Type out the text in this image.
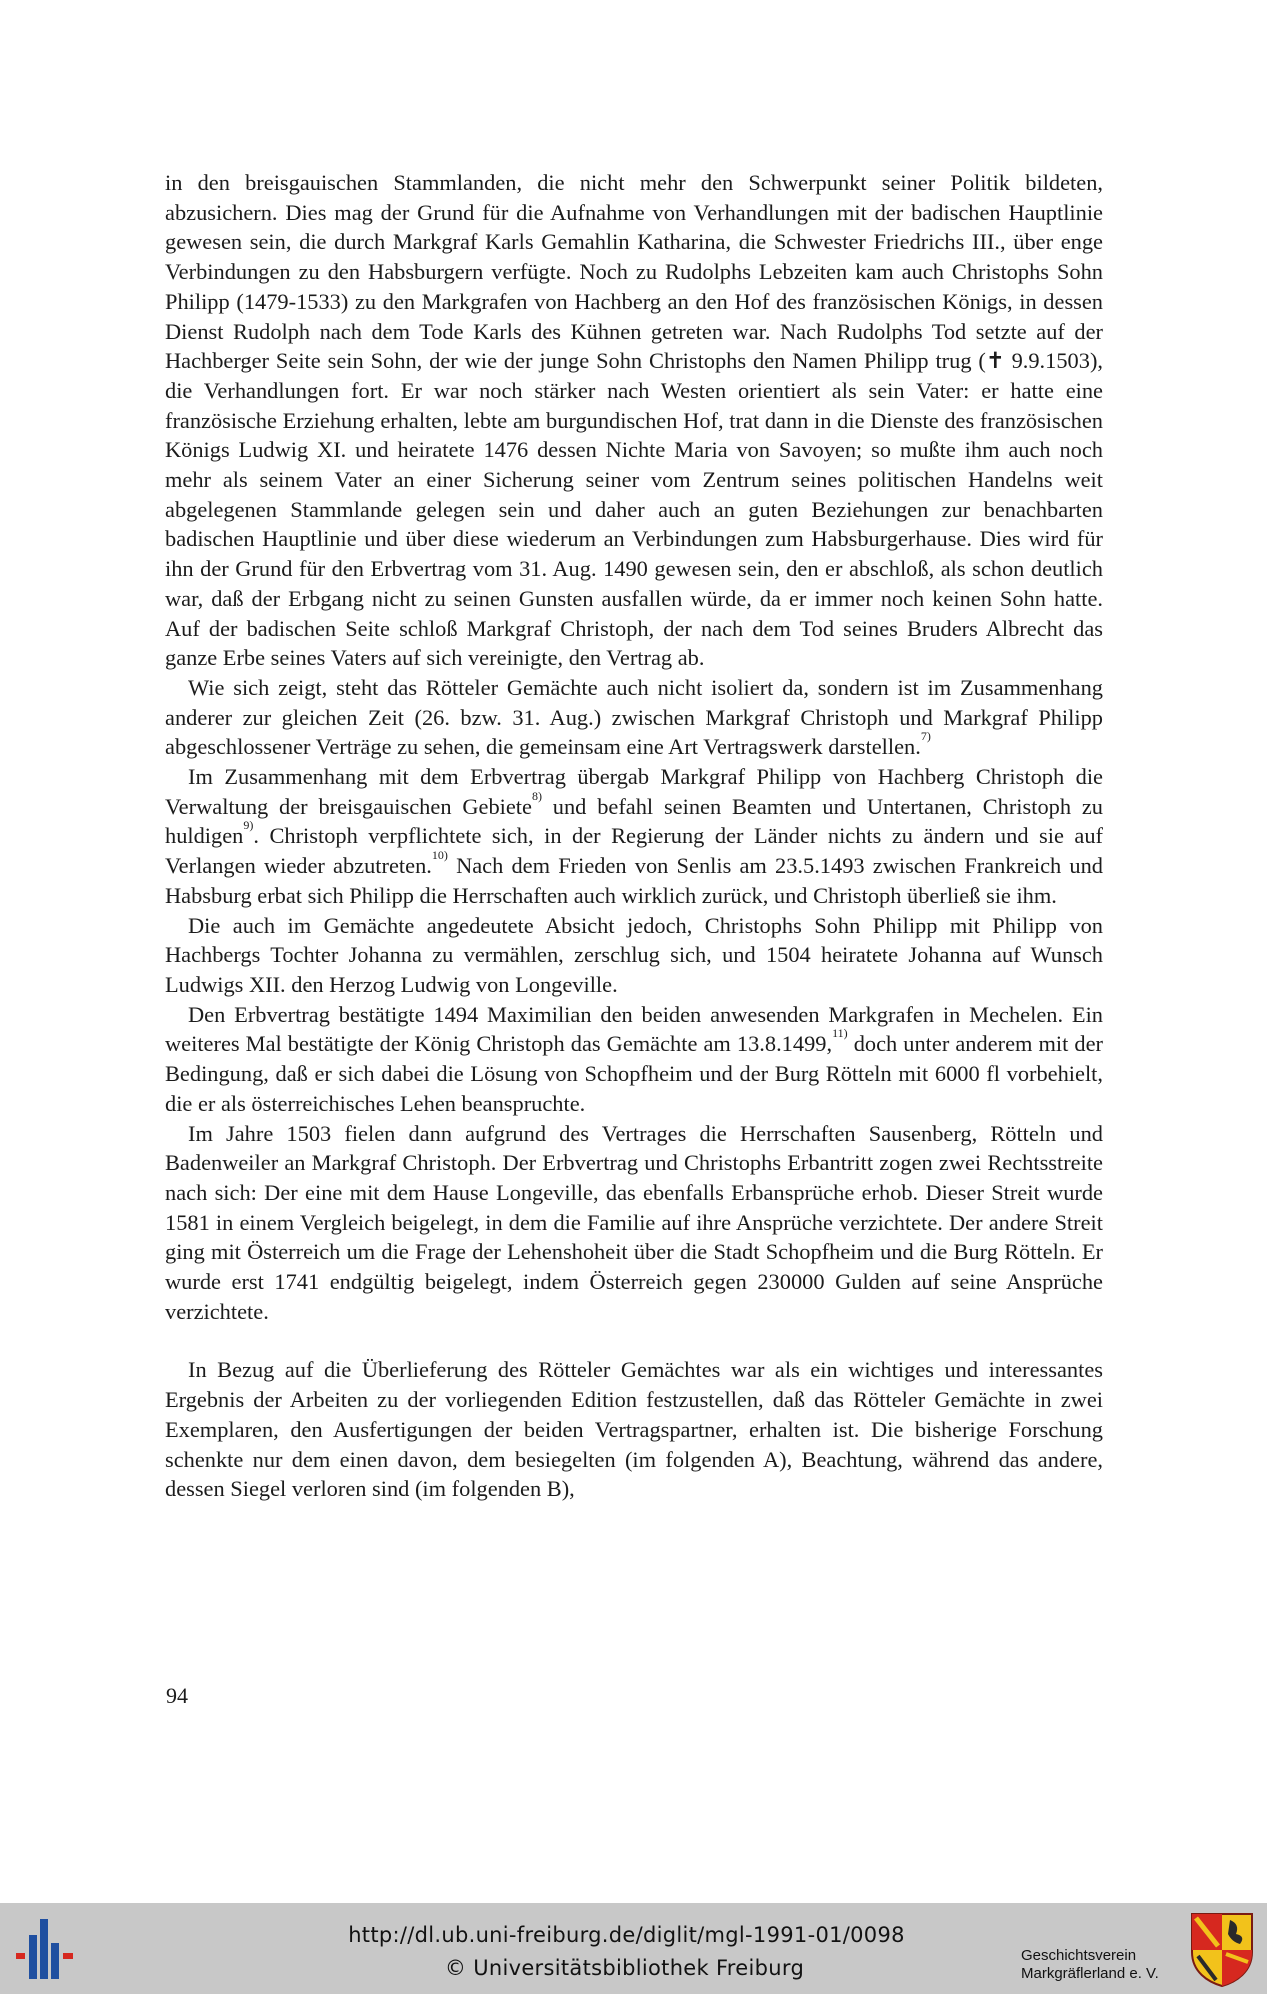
in den breisgauischen Stammlanden, die nicht mehr den Schwerpunkt seiner Politik bildeten, abzusichern. Dies mag der Grund für die Aufnahme von Verhandlungen mit der badischen Hauptlinie gewesen sein, die durch Markgraf Karls Gemahlin Katharina, die Schwester Friedrichs III., über enge Verbindungen zu den Habsburgern verfügte. Noch zu Rudolphs Lebzeiten kam auch Christophs Sohn Philipp (1479-1533) zu den Markgrafen von Hachberg an den Hof des französischen Königs, in dessen Dienst Rudolph nach dem Tode Karls des Kühnen getreten war. Nach Rudolphs Tod setzte auf der Hachberger Seite sein Sohn, der wie der junge Sohn Christophs den Namen Philipp trug (✝ 9.9.1503), die Verhandlungen fort. Er war noch stärker nach Westen orientiert als sein Vater: er hatte eine französische Erziehung erhalten, lebte am burgundischen Hof, trat dann in die Dienste des französischen Königs Ludwig XI. und heiratete 1476 dessen Nichte Maria von Savoyen; so mußte ihm auch noch mehr als seinem Vater an einer Sicherung seiner vom Zentrum seines politischen Handelns weit abgelegenen Stammlande gelegen sein und daher auch an guten Beziehungen zur benachbarten badischen Hauptlinie und über diese wiederum an Verbindungen zum Habsburgerhause. Dies wird für ihn der Grund für den Erbvertrag vom 31. Aug. 1490 gewesen sein, den er abschloß, als schon deutlich war, daß der Erbgang nicht zu seinen Gunsten ausfallen würde, da er immer noch keinen Sohn hatte. Auf der badischen Seite schloß Markgraf Christoph, der nach dem Tod seines Bruders Albrecht das ganze Erbe seines Vaters auf sich vereinigte, den Vertrag ab.

Wie sich zeigt, steht das Rötteler Gemächte auch nicht isoliert da, sondern ist im Zusammenhang anderer zur gleichen Zeit (26. bzw. 31. Aug.) zwischen Markgraf Christoph und Markgraf Philipp abgeschlossener Verträge zu sehen, die gemeinsam eine Art Vertragswerk darstellen.$^{7)}$

Im Zusammenhang mit dem Erbvertrag übergab Markgraf Philipp von Hachberg Christoph die Verwaltung der breisgauischen Gebiete$^{8)}$ und befahl seinen Beamten und Untertanen, Christoph zu huldigen$^{9)}$. Christoph verpflichtete sich, in der Regierung der Länder nichts zu ändern und sie auf Verlangen wieder abzutreten.$^{10)}$ Nach dem Frieden von Senlis am 23.5.1493 zwischen Frankreich und Habsburg erbat sich Philipp die Herrschaften auch wirklich zurück, und Christoph überließ sie ihm.

Die auch im Gemächte angedeutete Absicht jedoch, Christophs Sohn Philipp mit Philipp von Hachbergs Tochter Johanna zu vermählen, zerschlug sich, und 1504 heiratete Johanna auf Wunsch Ludwigs XII. den Herzog Ludwig von Longeville.

Den Erbvertrag bestätigte 1494 Maximilian den beiden anwesenden Markgrafen in Mechelen. Ein weiteres Mal bestätigte der König Christoph das Gemächte am 13.8.1499,$^{11)}$ doch unter anderem mit der Bedingung, daß er sich dabei die Lösung von Schopfheim und der Burg Rötteln mit 6000 fl vorbehielt, die er als österreichisches Lehen beanspruchte.

Im Jahre 1503 fielen dann aufgrund des Vertrages die Herrschaften Sausenberg, Rötteln und Badenweiler an Markgraf Christoph. Der Erbvertrag und Christophs Erbantritt zogen zwei Rechtsstreite nach sich: Der eine mit dem Hause Longeville, das ebenfalls Erbansprüche erhob. Dieser Streit wurde 1581 in einem Vergleich beigelegt, in dem die Familie auf ihre Ansprüche verzichtete. Der andere Streit ging mit Österreich um die Frage der Lehenshoheit über die Stadt Schopfheim und die Burg Rötteln. Er wurde erst 1741 endgültig beigelegt, indem Österreich gegen 230000 Gulden auf seine Ansprüche verzichtete.

In Bezug auf die Überlieferung des Rötteler Gemächtes war als ein wichtiges und interessantes Ergebnis der Arbeiten zu der vorliegenden Edition festzustellen, daß das Rötteler Gemächte in zwei Exemplaren, den Ausfertigungen der beiden Vertragspartner, erhalten ist. Die bisherige Forschung schenkte nur dem einen davon, dem besiegelten (im folgenden A), Beachtung, während das andere, dessen Siegel verloren sind (im folgenden B),

94
http://dl.ub.uni-freiburg.de/diglit/mgl-1991-01/0098
© Universitätsbibliothek Freiburg
Geschichtsverein
Markgräflerland e. V.
